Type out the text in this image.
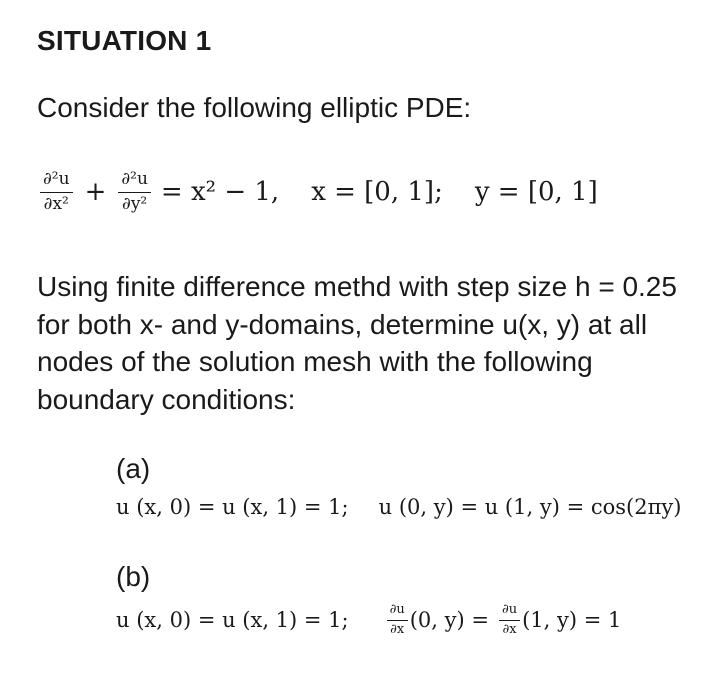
SITUATION 1
Consider the following elliptic PDE:
$\frac{\text{∂²u}}{\text{∂x²}} + \frac{\text{∂²u}}{\text{∂y²}} = x^2 - 1$, x = [0, 1]; y = [0, 1]
Using finite difference methd with step size h = 0.25 for both x- and y-domains, determine u(x, y) at all nodes of the solution mesh with the following boundary conditions:
(a)
u (x, 0) = u (x, 1) = 1; u (0, y) = u (1, y) = cos(2πy)
(b)
u (x, 0) = u (x, 1) = 1;	$\frac{\partial u}{\partial x} (0$, $y) = \frac{\partial u}{\partial x} (1$, y) = 1
